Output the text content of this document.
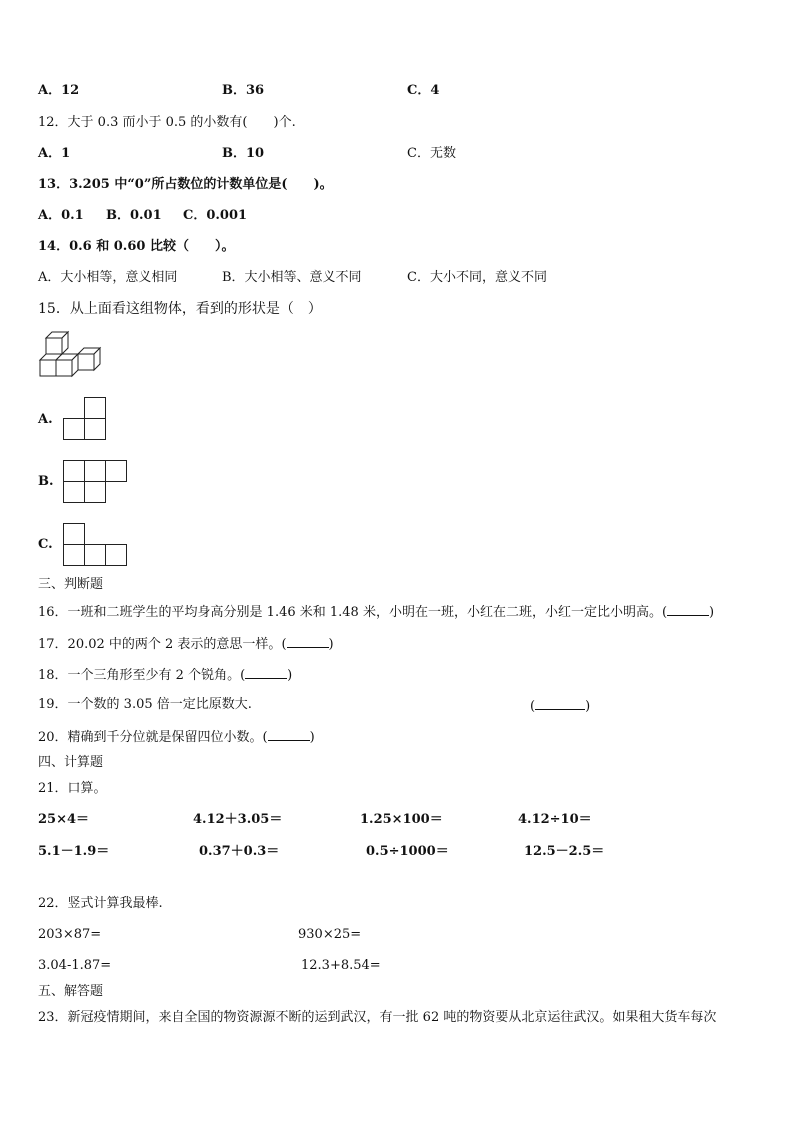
A．12	B．36	C．4
12．大于 0.3 而小于 0.5 的小数有(　　)个.
A．1	B．10	C．无数
13．3.205 中“0”所占数位的计数单位是(　　)。
A．0.1 B．0.01 C．0.001
14．0.6 和 0.60 比较（　　）。
A．大小相等，意义相同	B．大小相等、意义不同	C．大小不同，意义不同
15．从上面看这组物体，看到的形状是（　）
A.
B.
C.
三、判断题
16．一班和二班学生的平均身高分别是 1.46 米和 1.48 米，小明在一班，小红在二班，小红一定比小明高。(	)
17．20.02 中的两个 2 表示的意思一样。(	)
18．一个三角形至少有 2 个锐角。(	)
19．一个数的 3.05 倍一定比原数大.	(	)
20．精确到千分位就是保留四位小数。(	)
四、计算题
21．口算。
25×4＝	4.12＋3.05＝	1.25×100＝	4.12÷10＝
5.1－1.9＝	0.37＋0.3＝	0.5÷1000＝	12.5－2.5＝
22．竖式计算我最棒.
203×87=	930×25=
3.04-1.87=	12.3+8.54=
五、解答题
23．新冠疫情期间，来自全国的物资源源不断的运到武汉，有一批 62 吨的物资要从北京运往武汉。如果租大货车每次
